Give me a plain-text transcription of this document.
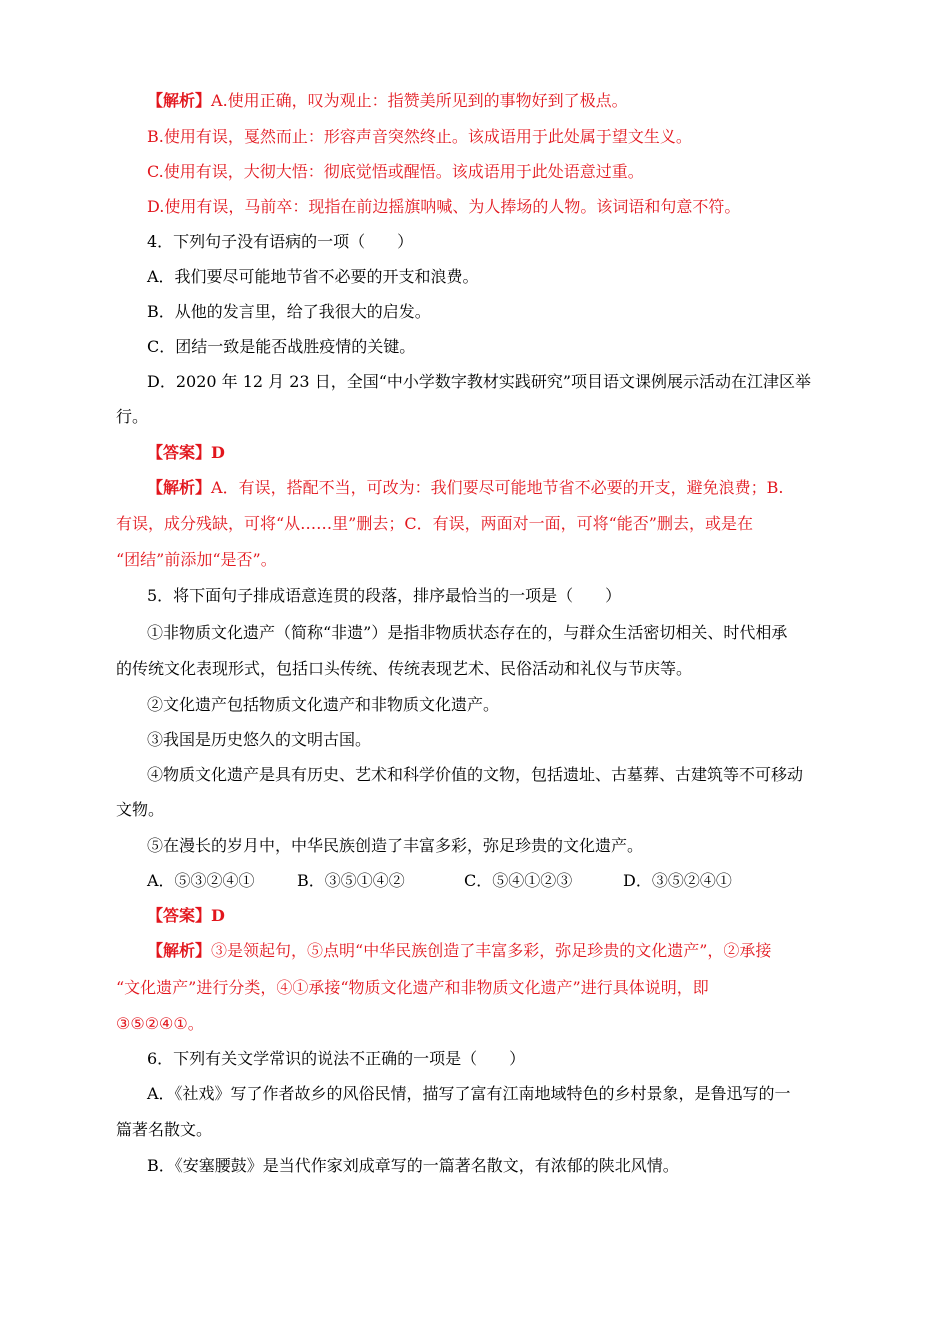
【解析】A.使用正确，叹为观止：指赞美所见到的事物好到了极点。
B.使用有误，戛然而止：形容声音突然终止。该成语用于此处属于望文生义。
C.使用有误，大彻大悟：彻底觉悟或醒悟。该成语用于此处语意过重。
D.使用有误，马前卒：现指在前边摇旗呐喊、为人捧场的人物。该词语和句意不符。
4．下列句子没有语病的一项（　　）
A．我们要尽可能地节省不必要的开支和浪费。
B．从他的发言里，给了我很大的启发。
C．团结一致是能否战胜疫情的关键。
D．2020 年 12 月 23 日，全国“中小学数字教材实践研究”项目语文课例展示活动在江津区举
行。
【答案】D
【解析】A．有误，搭配不当，可改为：我们要尽可能地节省不必要的开支，避免浪费；B.
有误，成分残缺，可将“从……里”删去；C．有误，两面对一面，可将“能否”删去，或是在
“团结”前添加“是否”。
5．将下面句子排成语意连贯的段落，排序最恰当的一项是（　　）
①非物质文化遗产（简称“非遗”）是指非物质状态存在的，与群众生活密切相关、时代相承
的传统文化表现形式，包括口头传统、传统表现艺术、民俗活动和礼仪与节庆等。
②文化遗产包括物质文化遗产和非物质文化遗产。
③我国是历史悠久的文明古国。
④物质文化遗产是具有历史、艺术和科学价值的文物，包括遗址、古墓葬、古建筑等不可移动
文物。
⑤在漫长的岁月中，中华民族创造了丰富多彩，弥足珍贵的文化遗产。
A．⑤③②④①	B．③⑤①④②	C．⑤④①②③	D．③⑤②④①
【答案】D
【解析】③是领起句，⑤点明“中华民族创造了丰富多彩，弥足珍贵的文化遗产”，②承接
“文化遗产”进行分类，④①承接“物质文化遗产和非物质文化遗产”进行具体说明，即
③⑤②④①。
6．下列有关文学常识的说法不正确的一项是（　　）
A．《社戏》写了作者故乡的风俗民情，描写了富有江南地域特色的乡村景象，是鲁迅写的一
篇著名散文。
B．《安塞腰鼓》是当代作家刘成章写的一篇著名散文，有浓郁的陕北风情。
